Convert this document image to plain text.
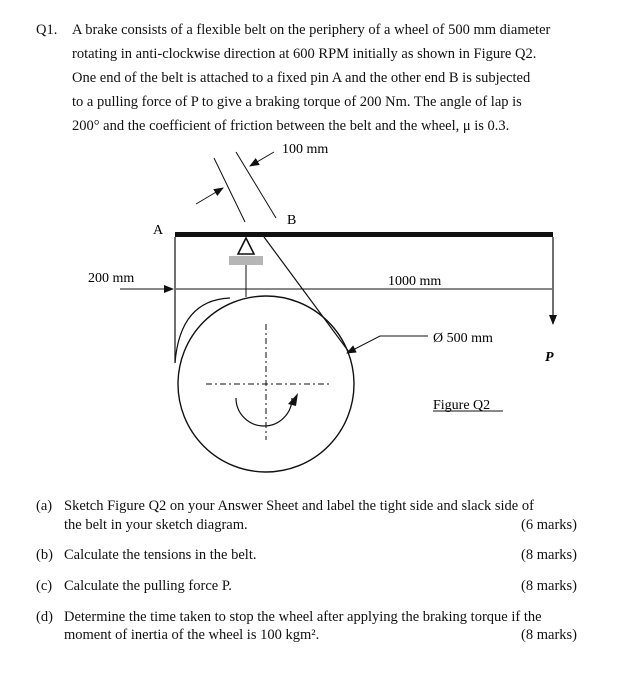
Q1. A brake consists of a flexible belt on the periphery of a wheel of 500 mm diameter
rotating in anti-clockwise direction at 600 RPM initially as shown in Figure Q2.
One end of the belt is attached to a fixed pin A and the other end B is subjected
to a pulling force of P to give a braking torque of 200 Nm. The angle of lap is
200° and the coefficient of friction between the belt and the wheel, μ is 0.3.
100 mm
A
B
200 mm	1000 mm
Ø 500 mm
P
Figure Q2
(a) Sketch Figure Q2 on your Answer Sheet and label the tight side and slack side of
the belt in your sketch diagram.	(6 marks)
(b) Calculate the tensions in the belt.	(8 marks)
(c) Calculate the pulling force P.	(8 marks)
(d) Determine the time taken to stop the wheel after applying the braking torque if the
moment of inertia of the wheel is 100 kgm².	(8 marks)
